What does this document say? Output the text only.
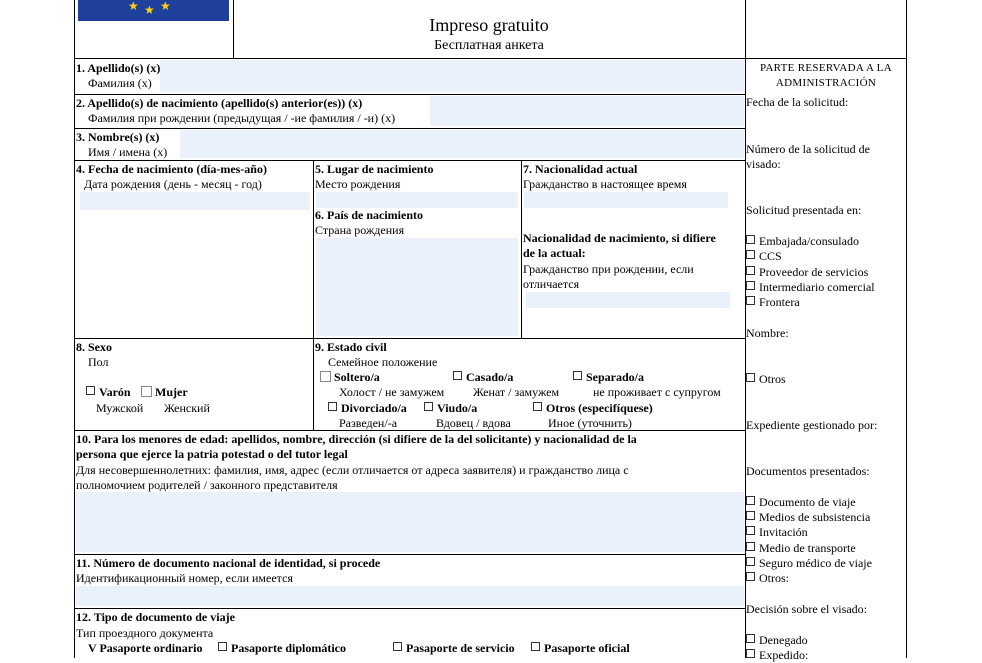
★ ★ ★
Impreso gratuito
Бесплатная анкета
1. Apellido(s) (x)
Фамилия (x)
2. Apellido(s) de nacimiento (apellido(s) anterior(es)) (x)
Фамилия при рождении (предыдущая / -ие фамилия / -и) (x)
3. Nombre(s) (x)
Имя / имена (x)
4. Fecha de nacimiento (día-mes-año)
Дата рождения (день - месяц - год)
5. Lugar de nacimiento
Место рождения
6. País de nacimiento
Страна рождения
7. Nacionalidad actual
Гражданство в настоящее время
Nacionalidad de nacimiento, si difiere
de la actual:
Гражданство при рождении, если
отличается
8. Sexo
Пол
Varón	Mujer
Мужской Женский
9. Estado civil
Семейное положение
Soltero/a
Холост / не замужем
Casado/a
Женат / замужем
Separado/a
не проживает с супругом
Divorciado/a
Разведен/-а
Viudo/a
Вдовец / вдова
Otros (especifíquese)
Иное (уточнить)
10. Para los menores de edad: apellidos, nombre, dirección (si difiere de la del solicitante) y nacionalidad de la
persona que ejerce la patria potestad o del tutor legal
Для несовершеннолетних: фамилия, имя, адрес (если отличается от адреса заявителя) и гражданство лица с
полномочием родителей / законного представителя
11. Número de documento nacional de identidad, si procede
Идентификационный номер, если имеется
12. Tipo de documento de viaje
Тип проездного документа
V Pasaporte ordinario	Pasaporte diplomático	Pasaporte de servicio	Pasaporte oficial
PARTE RESERVADA A LA
ADMINISTRACIÓN
Fecha de la solicitud:
Número de la solicitud de
visado:
Solicitud presentada en:
Embajada/consulado
CCS
Proveedor de servicios
Intermediario comercial
Frontera
Nombre:
Otros
Expediente gestionado por:
Documentos presentados:
Documento de viaje
Medios de subsistencia
Invitación
Medio de transporte
Seguro médico de viaje
Otros:
Decisión sobre el visado:
Denegado
Expedido:
